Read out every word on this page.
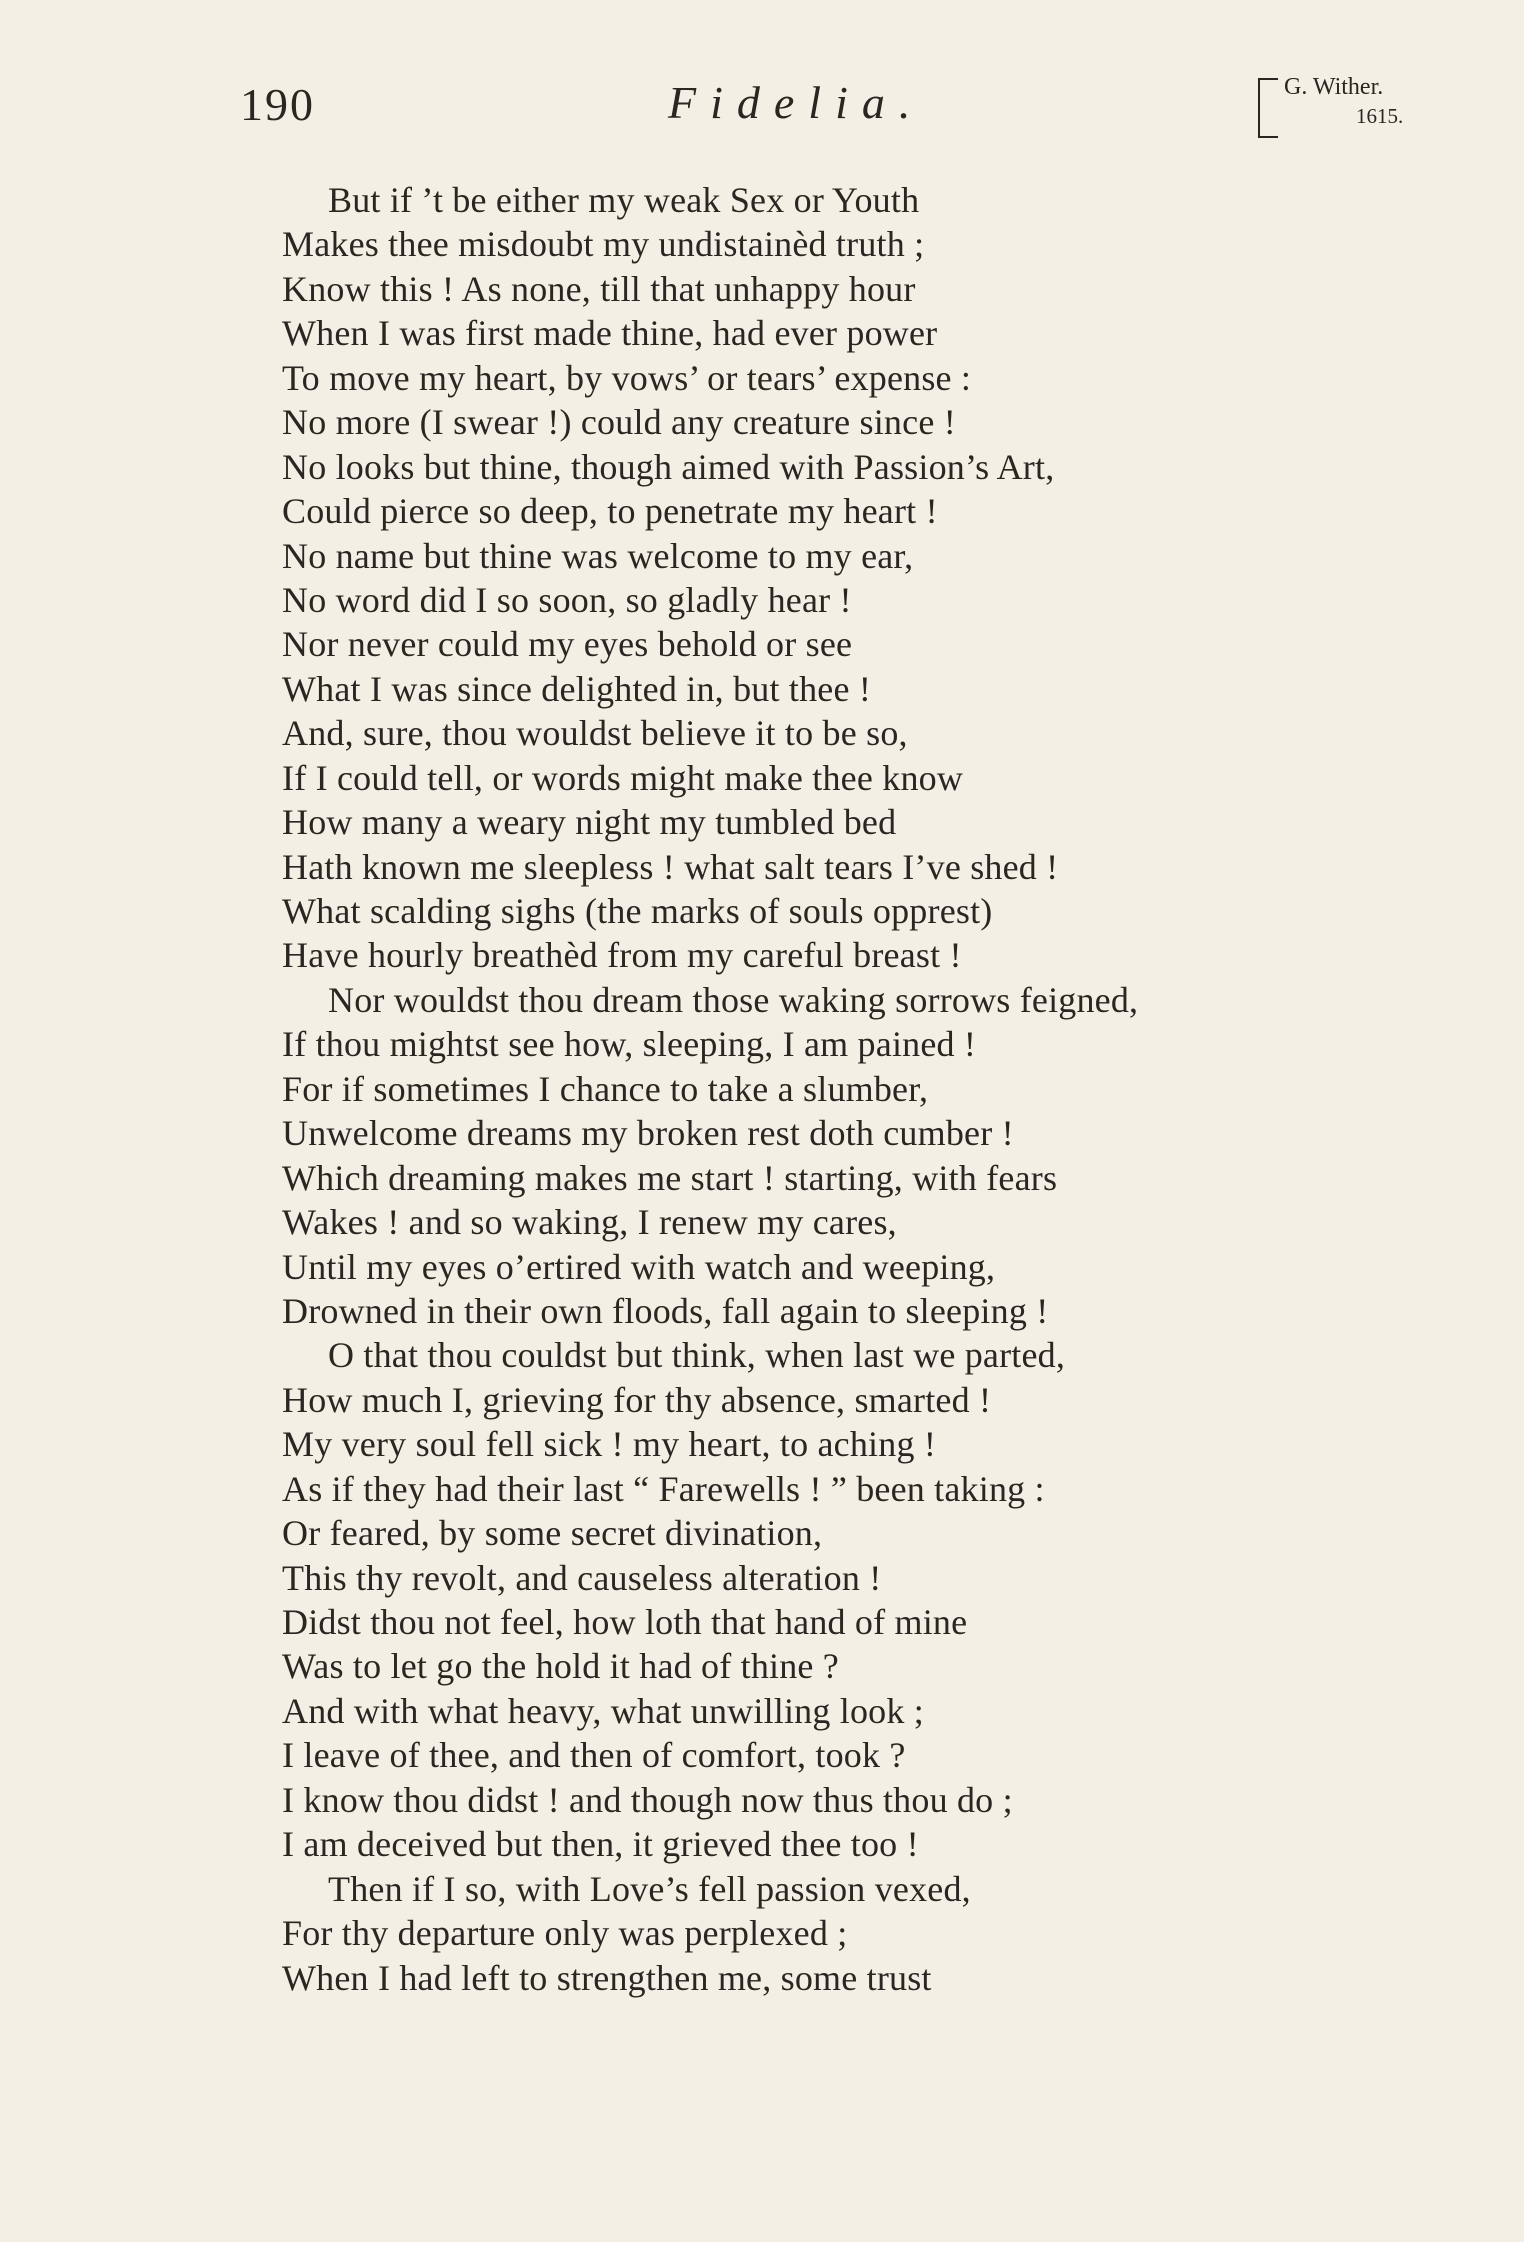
190	Fidelia.	G. Wither.
1615.
But if ’t be either my weak Sex or Youth
Makes thee misdoubt my undistainèd truth ;
Know this ! As none, till that unhappy hour
When I was first made thine, had ever power
To move my heart, by vows’ or tears’ expense :
No more (I swear !) could any creature since !
No looks but thine, though aimed with Passion’s Art,
Could pierce so deep, to penetrate my heart !
No name but thine was welcome to my ear,
No word did I so soon, so gladly hear !
Nor never could my eyes behold or see
What I was since delighted in, but thee !
And, sure, thou wouldst believe it to be so,
If I could tell, or words might make thee know
How many a weary night my tumbled bed
Hath known me sleepless ! what salt tears I’ve shed !
What scalding sighs (the marks of souls opprest)
Have hourly breathèd from my careful breast !
Nor wouldst thou dream those waking sorrows feigned,
If thou mightst see how, sleeping, I am pained !
For if sometimes I chance to take a slumber,
Unwelcome dreams my broken rest doth cumber !
Which dreaming makes me start ! starting, with fears
Wakes ! and so waking, I renew my cares,
Until my eyes o’ertired with watch and weeping,
Drowned in their own floods, fall again to sleeping !
O that thou couldst but think, when last we parted,
How much I, grieving for thy absence, smarted !
My very soul fell sick ! my heart, to aching !
As if they had their last “ Farewells ! ” been taking :
Or feared, by some secret divination,
This thy revolt, and causeless alteration !
Didst thou not feel, how loth that hand of mine
Was to let go the hold it had of thine ?
And with what heavy, what unwilling look ;
I leave of thee, and then of comfort, took ?
I know thou didst ! and though now thus thou do ;
I am deceived but then, it grieved thee too !
Then if I so, with Love’s fell passion vexed,
For thy departure only was perplexed ;
When I had left to strengthen me, some trust
